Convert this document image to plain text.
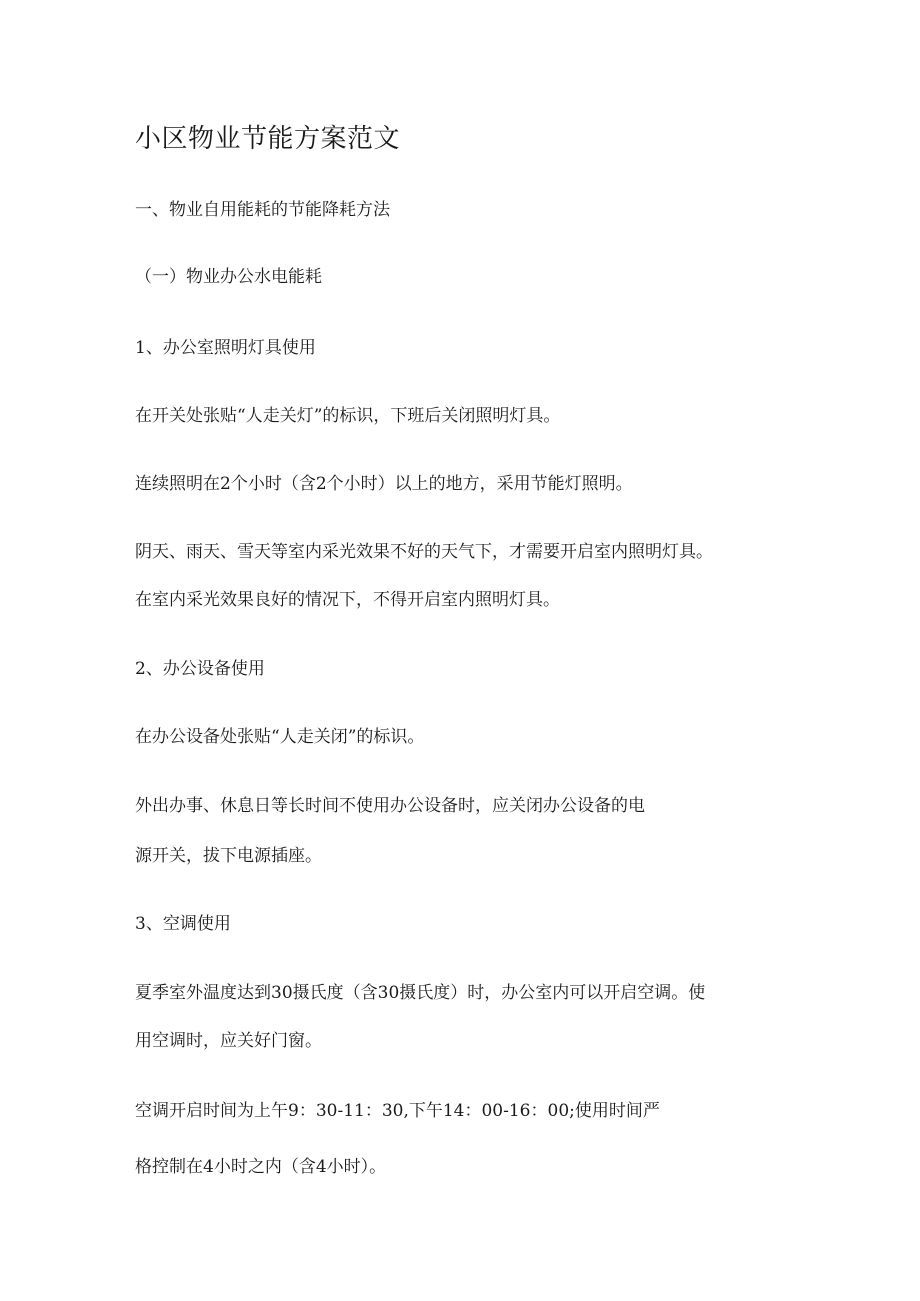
小区物业节能方案范文
一、物业自用能耗的节能降耗方法
（一）物业办公水电能耗
1、办公室照明灯具使用
在开关处张贴“人走关灯”的标识，下班后关闭照明灯具。
连续照明在2个小时（含2个小时）以上的地方，采用节能灯照明。
阴天、雨天、雪天等室内采光效果不好的天气下，才需要开启室内照明灯具。
在室内采光效果良好的情况下，不得开启室内照明灯具。
2、办公设备使用
在办公设备处张贴“人走关闭”的标识。
外出办事、休息日等长时间不使用办公设备时，应关闭办公设备的电
源开关，拔下电源插座。
3、空调使用
夏季室外温度达到30摄氏度（含30摄氏度）时，办公室内可以开启空调。使
用空调时，应关好门窗。
空调开启时间为上午9：30-11：30,下午14：00-16：00;使用时间严
格控制在4小时之内（含4小时）。
